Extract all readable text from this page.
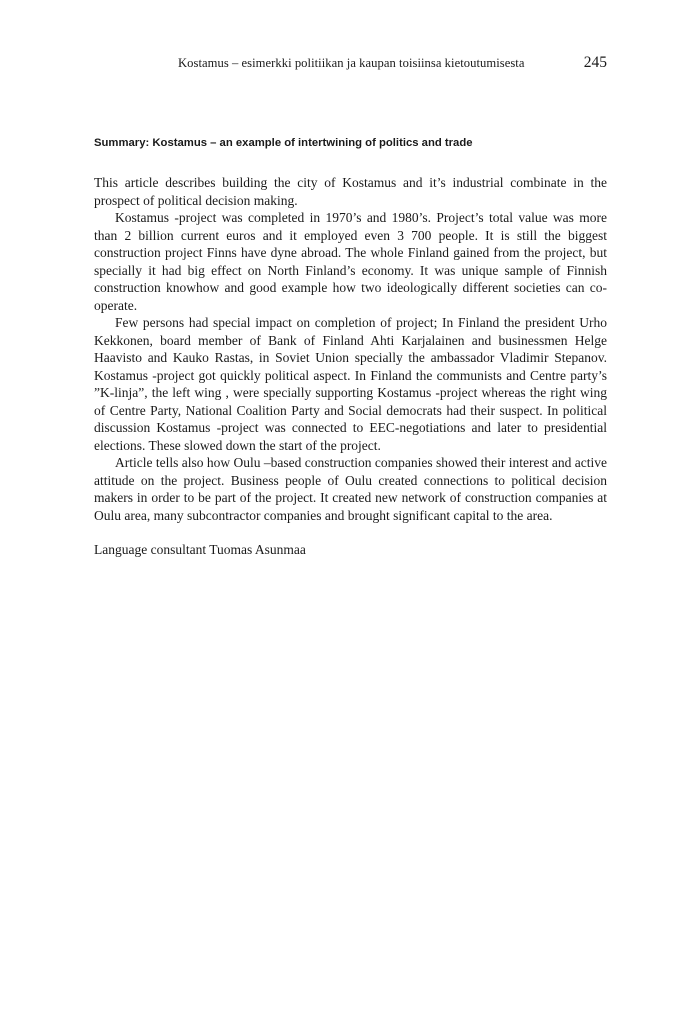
Kostamus – esimerkki politiikan ja kaupan toisiinsa kietoutumisesta	245
Summary: Kostamus – an example of intertwining of politics and trade

This article describes building the city of Kostamus and it’s industrial combinate in the prospect of political decision making.

Kostamus -project was completed in 1970’s and 1980’s. Project’s total value was more than 2 billion current euros and it employed even 3 700 people. It is still the biggest construction project Finns have dyne abroad. The whole Finland gained from the project, but specially it had big effect on North Finland’s economy. It was unique sample of Finnish construction knowhow and good example how two ideologically different societies can co-operate.

Few persons had special impact on completion of project; In Finland the president Urho Kekkonen, board member of Bank of Finland Ahti Karjalainen and businessmen Helge Haavisto and Kauko Rastas, in Soviet Union specially the ambassador Vladimir Stepanov. Kostamus -project got quickly political aspect. In Finland the communists and Centre party’s ”K-linja”, the left wing , were specially supporting Kostamus -project whereas the right wing of Centre Party, National Coalition Party and Social democrats had their suspect. In political discussion Kostamus -project was connected to EEC-negotiations and later to presidential elections. These slowed down the start of the project.

Article tells also how Oulu –based construction companies showed their interest and active attitude on the project. Business people of Oulu created connections to political decision makers in order to be part of the project. It created new network of construction companies at Oulu area, many subcontractor companies and brought significant capital to the area.

Language consultant Tuomas Asunmaa
